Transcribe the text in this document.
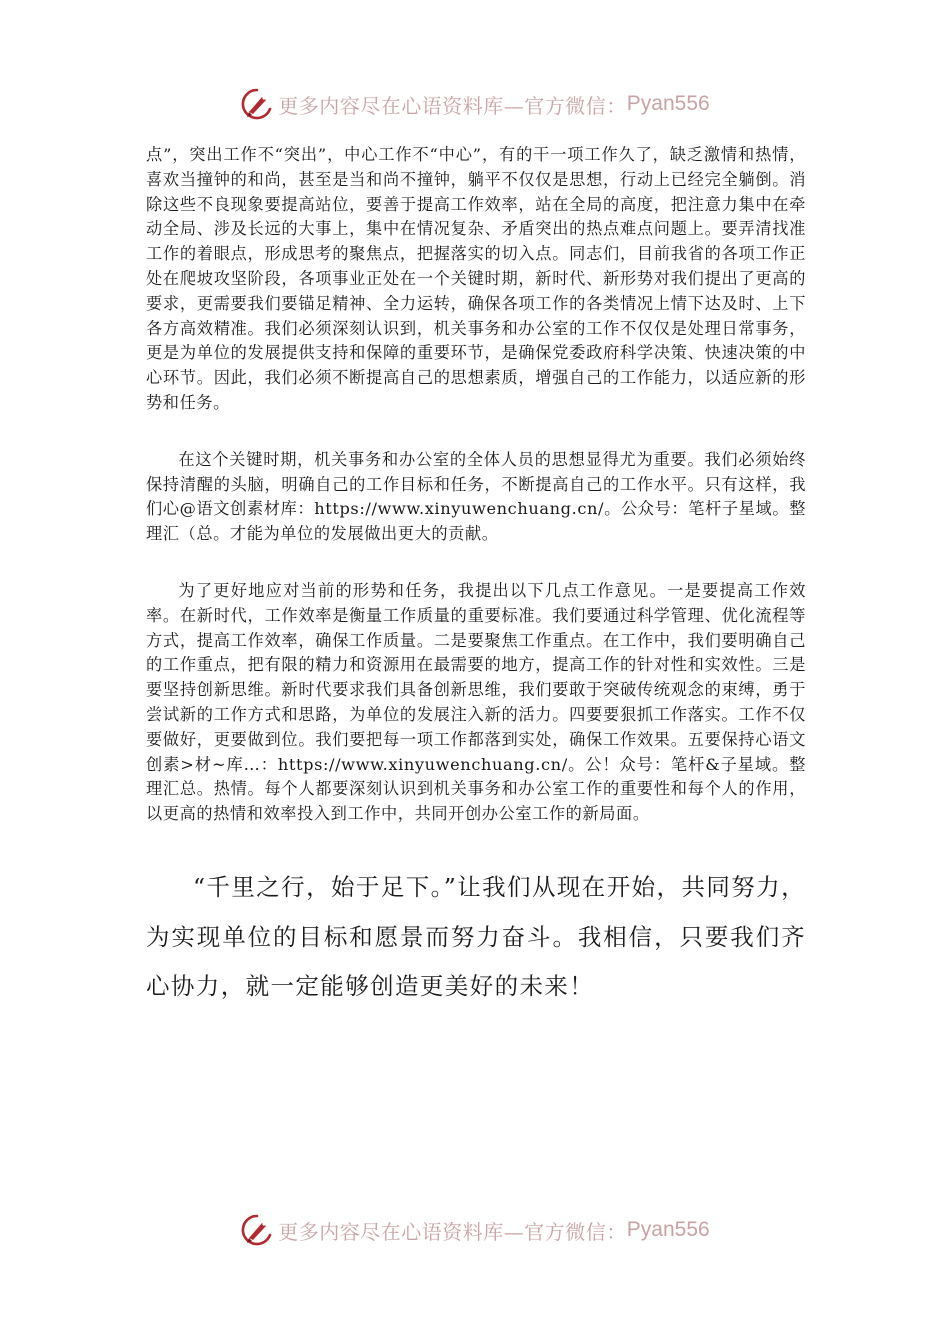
更多内容尽在心语资料库—官方微信： Pyan556

点”，突出工作不“突出”，中心工作不“中心”，有的干一项工作久了，缺乏激情和热情，喜欢当撞钟的和尚，甚至是当和尚不撞钟，躺平不仅仅是思想，行动上已经完全躺倒。消除这些不良现象要提高站位，要善于提高工作效率，站在全局的高度，把注意力集中在牵动全局、涉及长远的大事上，集中在情况复杂、矛盾突出的热点难点问题上。要弄清找准工作的着眼点，形成思考的聚焦点，把握落实的切入点。同志们，目前我省的各项工作正处在爬坡攻坚阶段，各项事业正处在一个关键时期，新时代、新形势对我们提出了更高的要求，更需要我们要锚足精神、全力运转，确保各项工作的各类情况上情下达及时、上下各方高效精准。我们必须深刻认识到，机关事务和办公室的工作不仅仅是处理日常事务，更是为单位的发展提供支持和保障的重要环节，是确保党委政府科学决策、快速决策的中心环节。因此，我们必须不断提高自己的思想素质，增强自己的工作能力，以适应新的形势和任务。

在这个关键时期，机关事务和办公室的全体人员的思想显得尤为重要。我们必须始终保持清醒的头脑，明确自己的工作目标和任务，不断提高自己的工作水平。只有这样，我们心@语文创素材库：https://www.xinyuwenchuang.cn/。公众号：笔杆子星域。整理汇（总。才能为单位的发展做出更大的贡献。

为了更好地应对当前的形势和任务，我提出以下几点工作意见。一是要提高工作效率。在新时代，工作效率是衡量工作质量的重要标准。我们要通过科学管理、优化流程等方式，提高工作效率，确保工作质量。二是要聚焦工作重点。在工作中，我们要明确自己的工作重点，把有限的精力和资源用在最需要的地方，提高工作的针对性和实效性。三是要坚持创新思维。新时代要求我们具备创新思维，我们要敢于突破传统观念的束缚，勇于尝试新的工作方式和思路，为单位的发展注入新的活力。四要要狠抓工作落实。工作不仅要做好，更要做到位。我们要把每一项工作都落到实处，确保工作效果。五要保持心语文创素>材~库…：https://www.xinyuwenchuang.cn/。公！众号：笔杆&子星域。整理汇总。热情。每个人都要深刻认识到机关事务和办公室工作的重要性和每个人的作用，以更高的热情和效率投入到工作中，共同开创办公室工作的新局面。

“千里之行，始于足下。”让我们从现在开始，共同努力，为实现单位的目标和愿景而努力奋斗。我相信，只要我们齐心协力，就一定能够创造更美好的未来！

更多内容尽在心语资料库—官方微信： Pyan556
